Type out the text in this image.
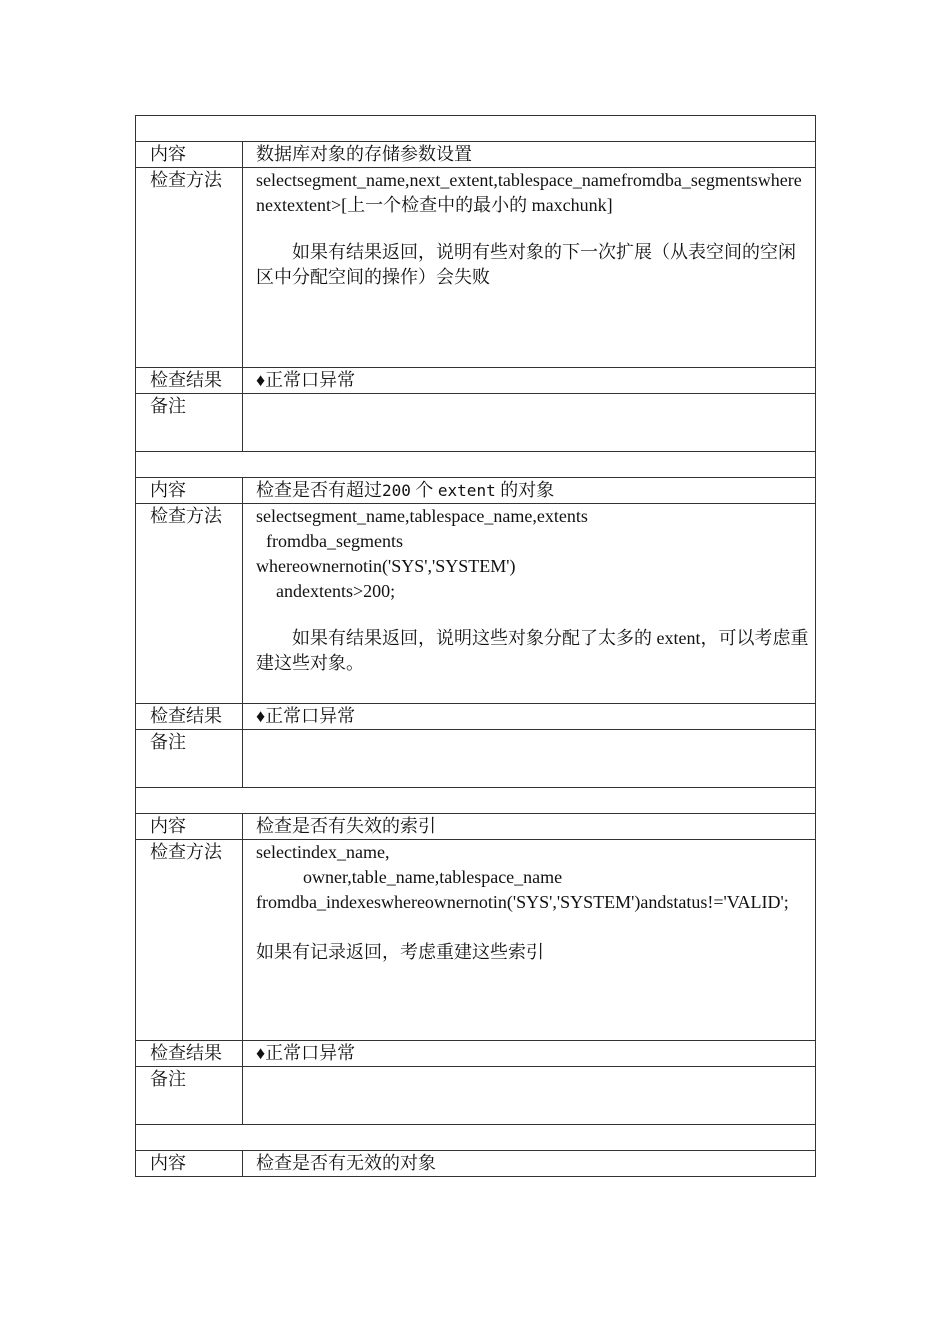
内容	数据库对象的存储参数设置
检查方法	selectsegment_name,next_extent,tablespace_namefromdba_segmentswherenextextent>[上一个检查中的最小的 maxchunk]
如果有结果返回，说明有些对象的下一次扩展（从表空间的空闲区中分配空间的操作）会失败

检查结果	♦正常口异常
备注	

内容	检查是否有超过200 个 extent 的对象
检查方法	selectsegment_name,tablespace_name,extents
fromdba_segments
whereownernotin('SYS','SYSTEM')
andextents>200;
如果有结果返回，说明这些对象分配了太多的 extent，可以考虑重建这些对象。

检查结果	♦正常口异常
备注	

内容	检查是否有失效的索引
检查方法	selectindex_name,
owner,table_name,tablespace_name
fromdba_indexeswhereownernotin('SYS','SYSTEM')andstatus!='VALID';
如果有记录返回，考虑重建这些索引

检查结果	♦正常口异常
备注	

内容	检查是否有无效的对象
